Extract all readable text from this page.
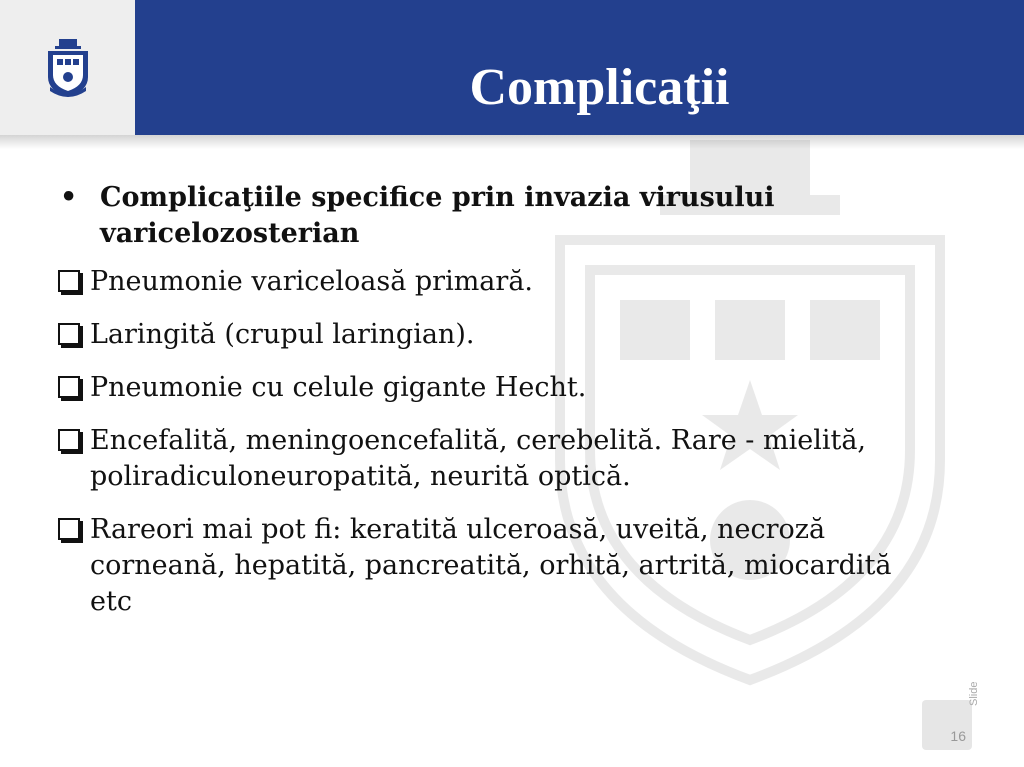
Complicaţii
• Complicaţiile specifice prin invazia virusului varicelozosterian
Pneumonie variceloasă primară.
Laringită (crupul laringian).
Pneumonie cu celule gigante Hecht.
Encefalită, meningoencefalită, cerebelită. Rare - mielită, poliradiculoneuropatită, neurită optică.
Rareori mai pot fi: keratită ulceroasă, uveită, necroză corneană, hepatită, pancreatită, orhită, artrită, miocardită etc
16
Slide
